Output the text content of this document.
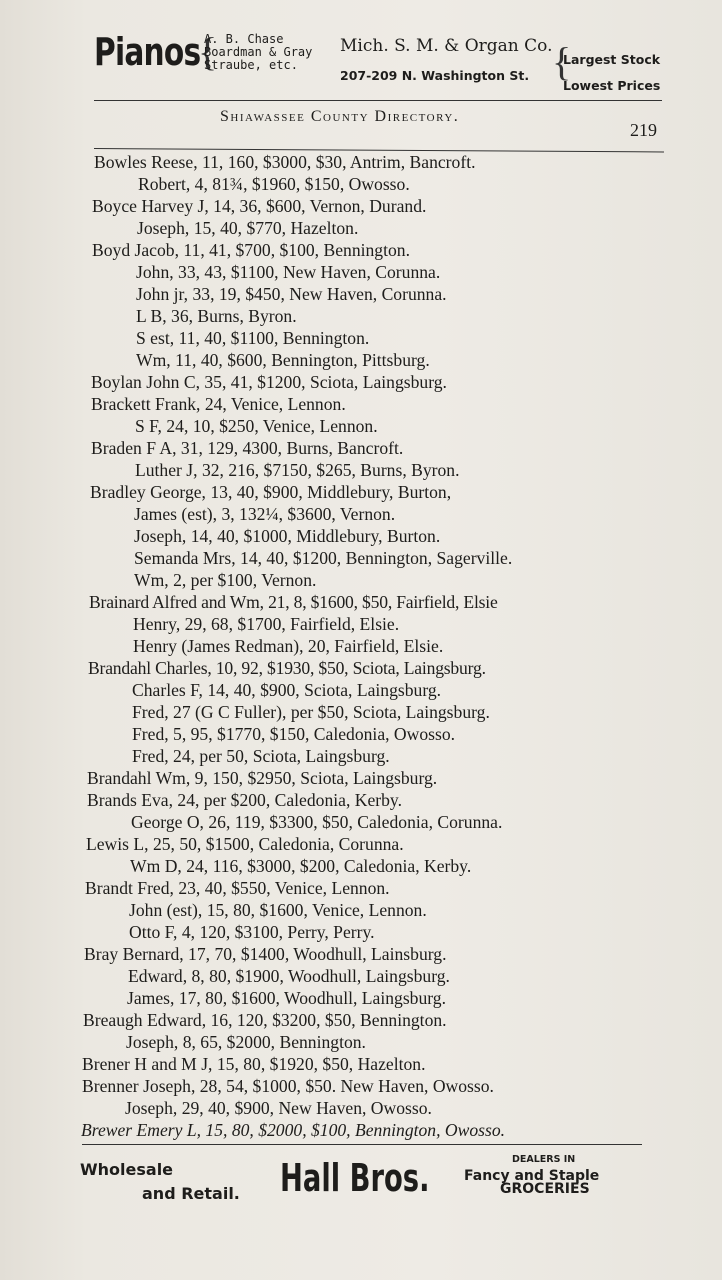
Pianos
{
A. B. Chase
Boardman & Gray
Straube, etc.
Mich. S. M. & Organ Co.
207-209 N. Washington St. {
Largest Stock
Lowest Prices
Shiawassee County Directory.
219
Bowles Reese, 11, 160, $3000, $30, Antrim, Bancroft.
Robert, 4, 81¾, $1960, $150, Owosso.
Boyce Harvey J, 14, 36, $600, Vernon, Durand.
Joseph, 15, 40, $770, Hazelton.
Boyd Jacob, 11, 41, $700, $100, Bennington.
John, 33, 43, $1100, New Haven, Corunna.
John jr, 33, 19, $450, New Haven, Corunna.
L B, 36, Burns, Byron.
S est, 11, 40, $1100, Bennington.
Wm, 11, 40, $600, Bennington, Pittsburg.
Boylan John C, 35, 41, $1200, Sciota, Laingsburg.
Brackett Frank, 24, Venice, Lennon.
S F, 24, 10, $250, Venice, Lennon.
Braden F A, 31, 129, 4300, Burns, Bancroft.
Luther J, 32, 216, $7150, $265, Burns, Byron.
Bradley George, 13, 40, $900, Middlebury, Burton,
James (est), 3, 132¼, $3600, Vernon.
Joseph, 14, 40, $1000, Middlebury, Burton.
Semanda Mrs, 14, 40, $1200, Bennington, Sagerville.
Wm, 2, per $100, Vernon.
Brainard Alfred and Wm, 21, 8, $1600, $50, Fairfield, Elsie
Henry, 29, 68, $1700, Fairfield, Elsie.
Henry (James Redman), 20, Fairfield, Elsie.
Brandahl Charles, 10, 92, $1930, $50, Sciota, Laingsburg.
Charles F, 14, 40, $900, Sciota, Laingsburg.
Fred, 27 (G C Fuller), per $50, Sciota, Laingsburg.
Fred, 5, 95, $1770, $150, Caledonia, Owosso.
Fred, 24, per 50, Sciota, Laingsburg.
Brandahl Wm, 9, 150, $2950, Sciota, Laingsburg.
Brands Eva, 24, per $200, Caledonia, Kerby.
George O, 26, 119, $3300, $50, Caledonia, Corunna.
Lewis L, 25, 50, $1500, Caledonia, Corunna.
Wm D, 24, 116, $3000, $200, Caledonia, Kerby.
Brandt Fred, 23, 40, $550, Venice, Lennon.
John (est), 15, 80, $1600, Venice, Lennon.
Otto F, 4, 120, $3100, Perry, Perry.
Bray Bernard, 17, 70, $1400, Woodhull, Lainsburg.
Edward, 8, 80, $1900, Woodhull, Laingsburg.
James, 17, 80, $1600, Woodhull, Laingsburg.
Breaugh Edward, 16, 120, $3200, $50, Bennington.
Joseph, 8, 65, $2000, Bennington.
Brener H and M J, 15, 80, $1920, $50, Hazelton.
Brenner Joseph, 28, 54, $1000, $50. New Haven, Owosso.
Joseph, 29, 40, $900, New Haven, Owosso.
Brewer Emery L, 15, 80, $2000, $100, Bennington, Owosso.
Wholesale
and Retail. Hall Bros.	DEALERS IN
Fancy and Staple
GROCERIES
